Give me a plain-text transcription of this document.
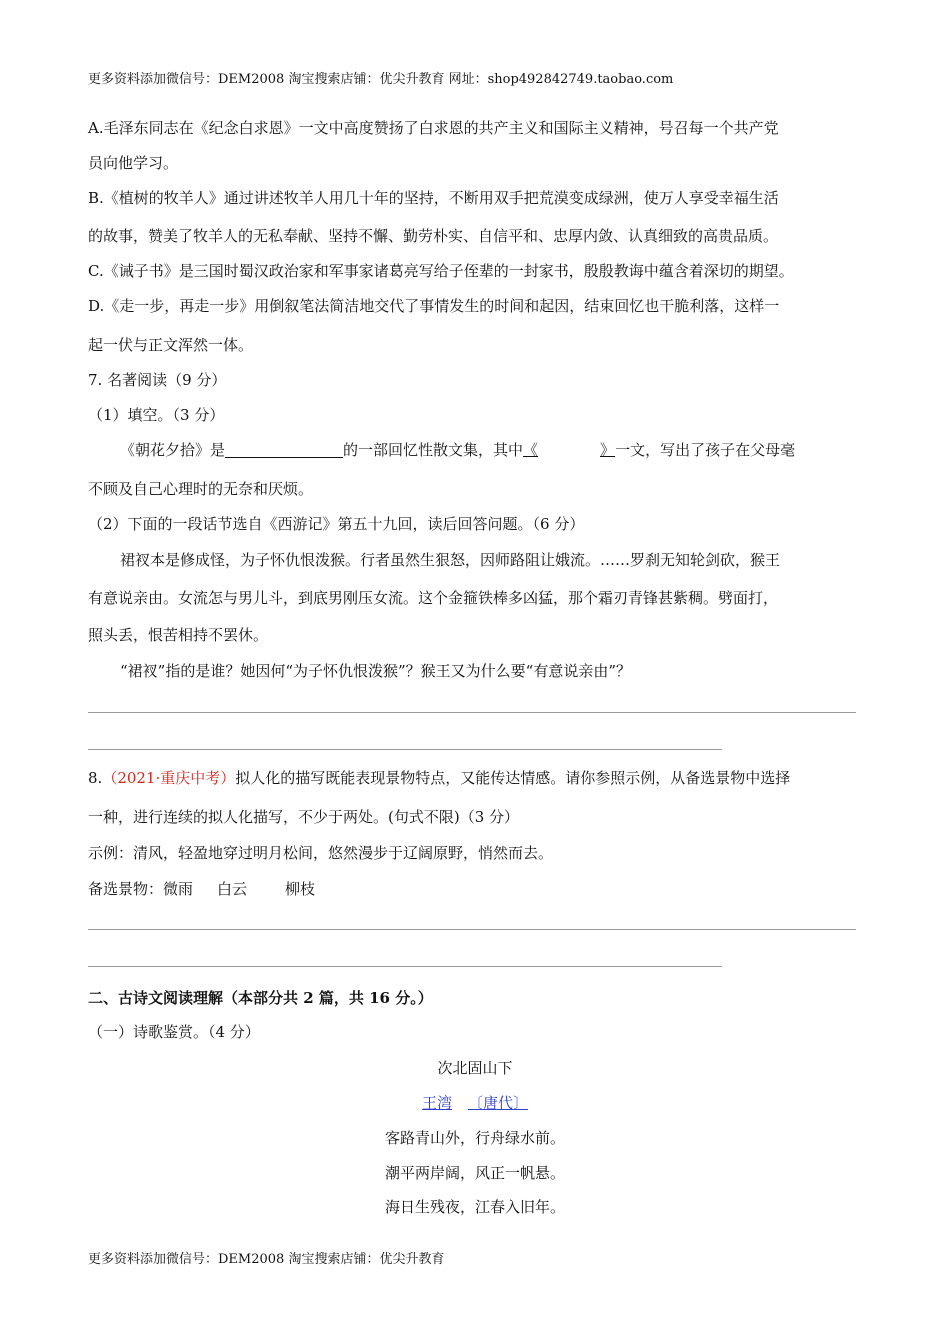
更多资料添加微信号：DEM2008 淘宝搜索店铺：优尖升教育 网址：shop492842749.taobao.com
A.毛泽东同志在《纪念白求恩》一文中高度赞扬了白求恩的共产主义和国际主义精神，号召每一个共产党
员向他学习。
B.《植树的牧羊人》通过讲述牧羊人用几十年的坚持，不断用双手把荒漠变成绿洲，使万人享受幸福生活
的故事，赞美了牧羊人的无私奉献、坚持不懈、勤劳朴实、自信平和、忠厚内敛、认真细致的高贵品质。
C.《诫子书》是三国时蜀汉政治家和军事家诸葛亮写给子侄辈的一封家书，殷殷教诲中蕴含着深切的期望。
D.《走一步，再走一步》用倒叙笔法简洁地交代了事情发生的时间和起因，结束回忆也干脆利落，这样一
起一伏与正文浑然一体。
7. 名著阅读（9 分）
（1）填空。（3 分）
《朝花夕拾》是	的一部回忆性散文集，其中《	》一文，写出了孩子在父母毫
不顾及自己心理时的无奈和厌烦。
（2）下面的一段话节选自《西游记》第五十九回，读后回答问题。（6 分）
裙衩本是修成怪，为子怀仇恨泼猴。行者虽然生狠怒，因师路阻让娥流。……罗刹无知轮剑砍，猴王
有意说亲由。女流怎与男儿斗，到底男刚压女流。这个金箍铁棒多凶猛，那个霜刃青锋甚紫稠。劈面打，
照头丢，恨苦相持不罢休。
“裙衩”指的是谁？她因何“为子怀仇恨泼猴”？猴王又为什么要“有意说亲由”？
8.（2021·重庆中考）拟人化的描写既能表现景物特点，又能传达情感。请你参照示例，从备选景物中选择
一种，进行连续的拟人化描写，不少于两处。(句式不限)（3 分）
示例：清风，轻盈地穿过明月松间，悠然漫步于辽阔原野，悄然而去。
备选景物：微雨 白云	柳枝
二、古诗文阅读理解（本部分共 2 篇，共 16 分。）
（一）诗歌鉴赏。（4 分）
次北固山下
王湾 〔唐代〕
客路青山外，行舟绿水前。
潮平两岸阔，风正一帆悬。
海日生残夜，江春入旧年。
更多资料添加微信号：DEM2008 淘宝搜索店铺：优尖升教育
